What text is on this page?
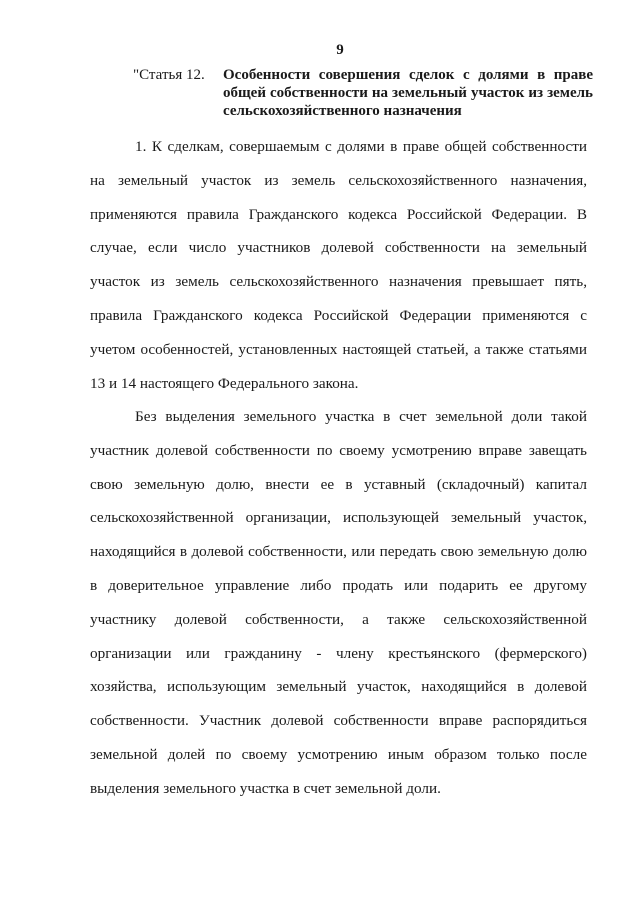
9
"Статья 12. Особенности совершения сделок с долями в праве общей собственности на земельный участок из земель сельскохозяйственного назначения

1. К сделкам, совершаемым с долями в праве общей собственности на земельный участок из земель сельскохозяйственного назначения, применяются правила Гражданского кодекса Российской Федерации. В случае, если число участников долевой собственности на земельный участок из земель сельскохозяйственного назначения превышает пять, правила Гражданского кодекса Российской Федерации применяются с учетом особенностей, установленных настоящей статьей, а также статьями 13 и 14 настоящего Федерального закона.

Без выделения земельного участка в счет земельной доли такой участник долевой собственности по своему усмотрению вправе завещать свою земельную долю, внести ее в уставный (складочный) капитал сельскохозяйственной организации, использующей земельный участок, находящийся в долевой собственности, или передать свою земельную долю в доверительное управление либо продать или подарить ее другому участнику долевой собственности, а также сельскохозяйственной организации или гражданину - члену крестьянского (фермерского) хозяйства, использующим земельный участок, находящийся в долевой собственности. Участник долевой собственности вправе распорядиться земельной долей по своему усмотрению иным образом только после выделения земельного участка в счет земельной доли.
